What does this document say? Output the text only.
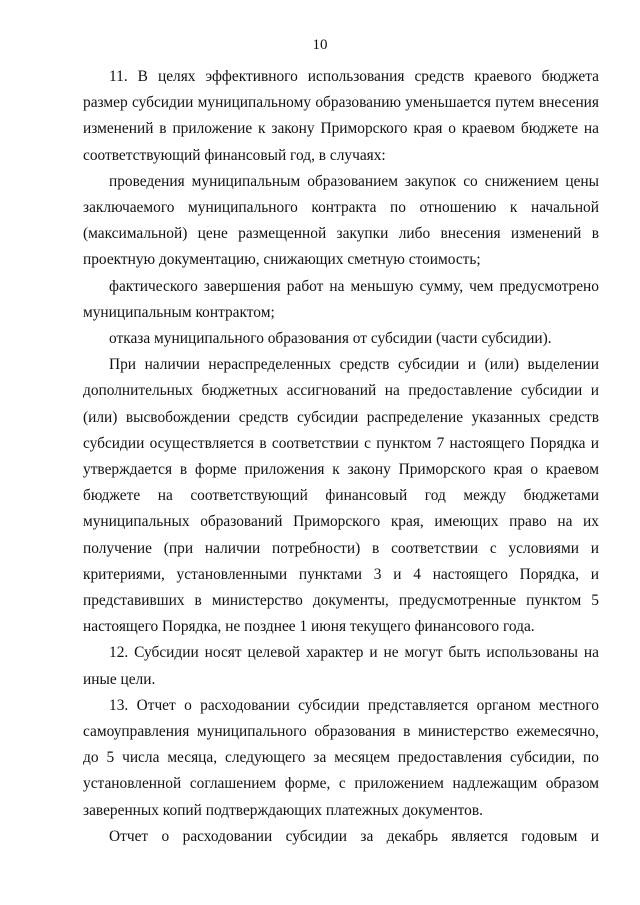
10

11. В целях эффективного использования средств краевого бюджета размер субсидии муниципальному образованию уменьшается путем внесения изменений в приложение к закону Приморского края о краевом бюджете на соответствующий финансовый год, в случаях:

проведения муниципальным образованием закупок со снижением цены заключаемого муниципального контракта по отношению к начальной (максимальной) цене размещенной закупки либо внесения изменений в проектную документацию, снижающих сметную стоимость;

фактического завершения работ на меньшую сумму, чем предусмотрено муниципальным контрактом;

отказа муниципального образования от субсидии (части субсидии).

При наличии нераспределенных средств субсидии и (или) выделении дополнительных бюджетных ассигнований на предоставление субсидии и (или) высвобождении средств субсидии распределение указанных средств субсидии осуществляется в соответствии с пунктом 7 настоящего Порядка и утверждается в форме приложения к закону Приморского края о краевом бюджете на соответствующий финансовый год между бюджетами муниципальных образований Приморского края, имеющих право на их получение (при наличии потребности) в соответствии с условиями и критериями, установленными пунктами 3 и 4 настоящего Порядка, и представивших в министерство документы, предусмотренные пунктом 5 настоящего Порядка, не позднее 1 июня текущего финансового года.

12. Субсидии носят целевой характер и не могут быть использованы на иные цели.

13. Отчет о расходовании субсидии представляется органом местного самоуправления муниципального образования в министерство ежемесячно, до 5 числа месяца, следующего за месяцем предоставления субсидии, по установленной соглашением форме, с приложением надлежащим образом заверенных копий подтверждающих платежных документов.

Отчет о расходовании субсидии за декабрь является годовым и
